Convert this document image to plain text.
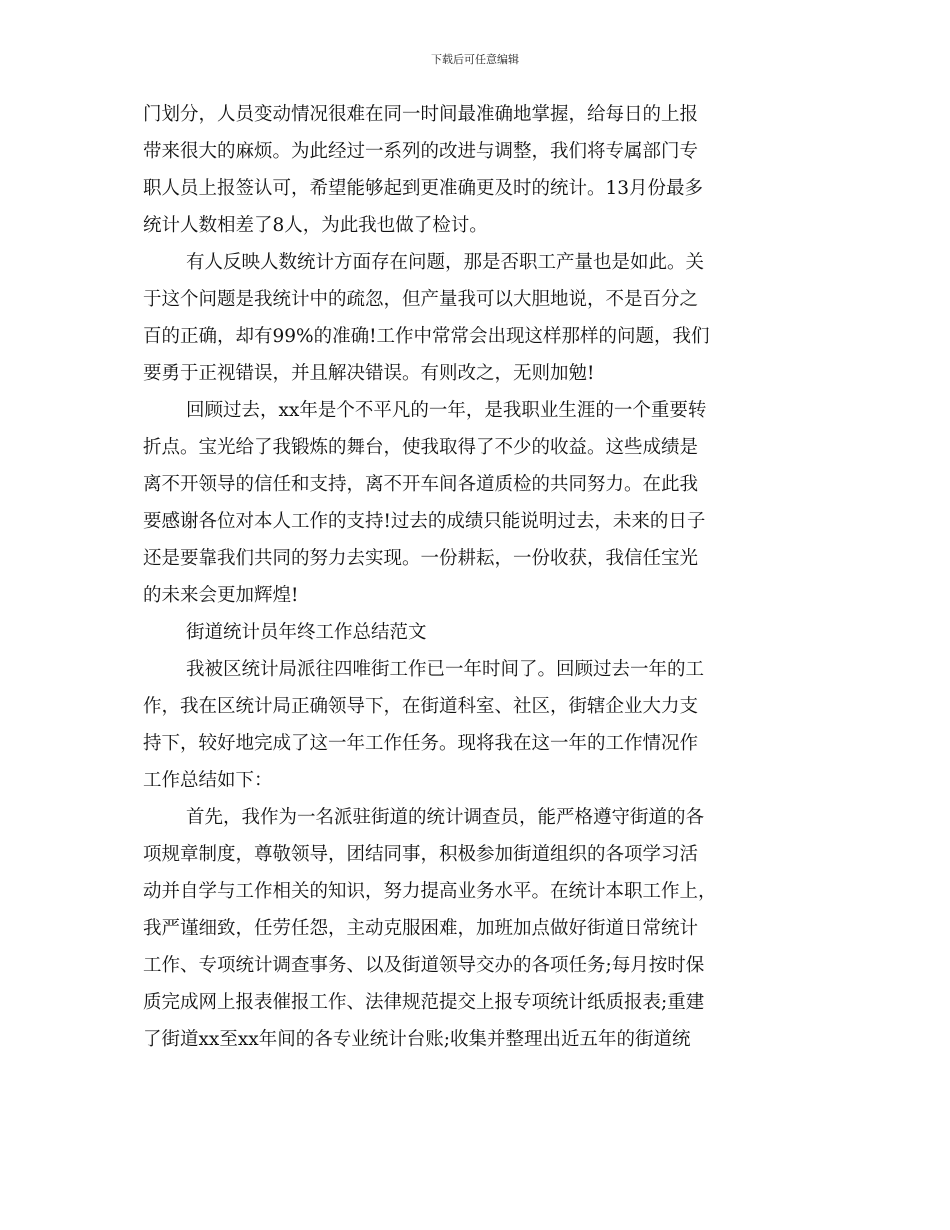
下载后可任意编辑
门划分，人员变动情况很难在同一时间最准确地掌握，给每日的上报
带来很大的麻烦。为此经过一系列的改进与调整，我们将专属部门专
职人员上报签认可，希望能够起到更准确更及时的统计。13月份最多
统计人数相差了8人，为此我也做了检讨。
有人反映人数统计方面存在问题，那是否职工产量也是如此。关
于这个问题是我统计中的疏忽，但产量我可以大胆地说，不是百分之
百的正确，却有99%的准确!工作中常常会出现这样那样的问题，我们
要勇于正视错误，并且解决错误。有则改之，无则加勉!
回顾过去，xx年是个不平凡的一年，是我职业生涯的一个重要转
折点。宝光给了我锻炼的舞台，使我取得了不少的收益。这些成绩是
离不开领导的信任和支持，离不开车间各道质检的共同努力。在此我
要感谢各位对本人工作的支持!过去的成绩只能说明过去，未来的日子
还是要靠我们共同的努力去实现。一份耕耘，一份收获，我信任宝光
的未来会更加辉煌!
街道统计员年终工作总结范文
我被区统计局派往四唯街工作已一年时间了。回顾过去一年的工
作，我在区统计局正确领导下，在街道科室、社区，街辖企业大力支
持下，较好地完成了这一年工作任务。现将我在这一年的工作情况作
工作总结如下：
首先，我作为一名派驻街道的统计调查员，能严格遵守街道的各
项规章制度，尊敬领导，团结同事，积极参加街道组织的各项学习活
动并自学与工作相关的知识，努力提高业务水平。在统计本职工作上，
我严谨细致，任劳任怨，主动克服困难，加班加点做好街道日常统计
工作、专项统计调查事务、以及街道领导交办的各项任务;每月按时保
质完成网上报表催报工作、法律规范提交上报专项统计纸质报表;重建
了街道xx至xx年间的各专业统计台账;收集并整理出近五年的街道统
